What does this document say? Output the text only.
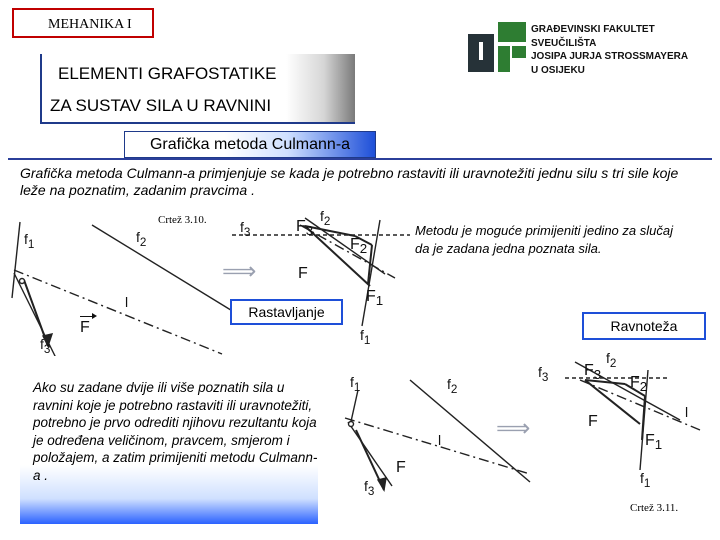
MEHANIKA I
ELEMENTI GRAFOSTATIKE
ZA SUSTAV SILA U RAVNINI
GRAĐEVINSKI FAKULTET
SVEUČILIŠTA
JOSIPA JURJA STROSSMAYERA
U OSIJEKU
Grafička metoda Culmann-a
Grafička metoda Culmann-a primjenjuje se kada je potrebno rastaviti ili uravnotežiti jednu silu s tri sile koje leže na poznatim, zadanim pravcima .
Crtež 3.10.
$f_1$	$f_2$
l
$f_3$
F
$f_3$
$f_2$
$F_3$
$F_2$
F
$F_1$
⟹
$f_1$
Metodu je moguće primijeniti jedino za slučaj da je zadana jedna poznata sila.
Rastavljanje
Ravnoteža
$f_1$	$f_2$
l
$f_3$
F
⟹
$f_3$
$f_2$
$F_3$ $F_2$
F
$F_1$
l
$f_1$
Crtež 3.11.
Ako su zadane dvije ili više poznatih sila u ravnini koje je potrebno rastaviti ili uravnotežiti, potrebno je prvo odrediti njihovu rezultantu koja je određena veličinom, pravcem, smjerom i položajem, a zatim primijeniti metodu Culmann-a .
